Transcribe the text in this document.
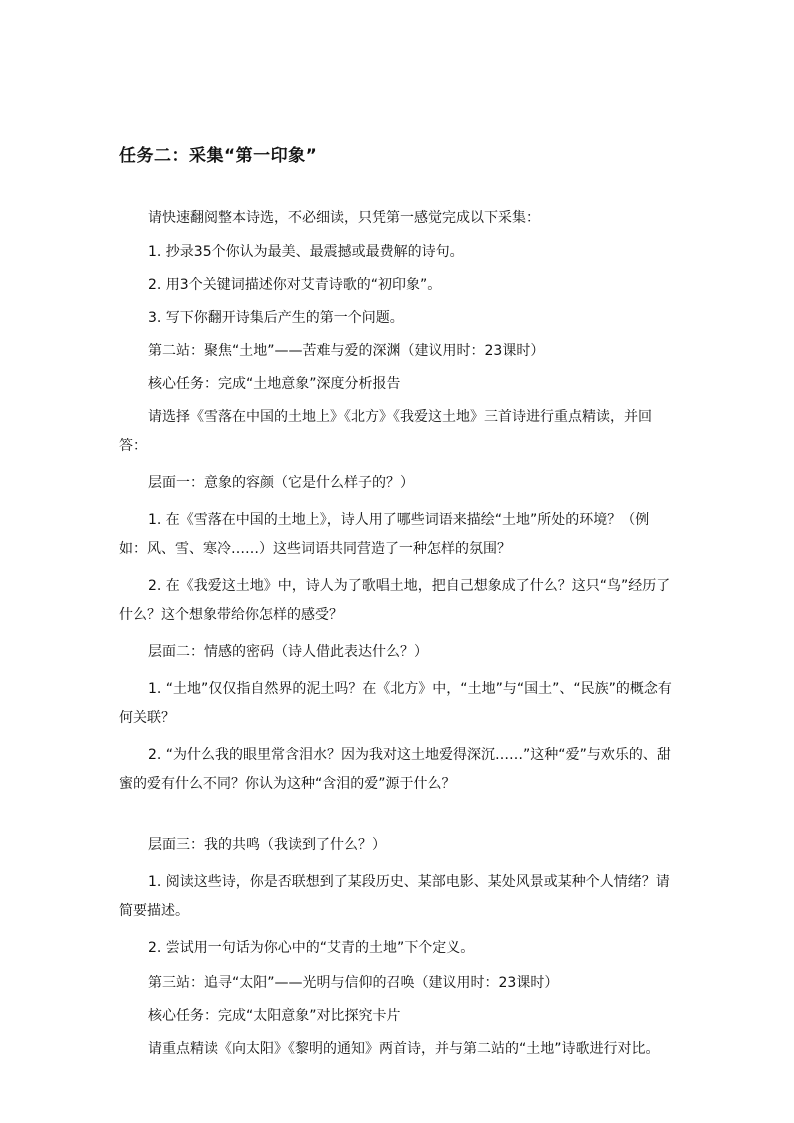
任务二：采集“第一印象”

请快速翻阅整本诗选，不必细读，只凭第一感觉完成以下采集：

1. 抄录35个你认为最美、最震撼或最费解的诗句。

2. 用3个关键词描述你对艾青诗歌的“初印象”。

3. 写下你翻开诗集后产生的第一个问题。

第二站：聚焦“土地”——苦难与爱的深渊（建议用时：23课时）

核心任务：完成“土地意象”深度分析报告

请选择《雪落在中国的土地上》《北方》《我爱这土地》三首诗进行重点精读，并回答：

层面一：意象的容颜（它是什么样子的？）

1. 在《雪落在中国的土地上》，诗人用了哪些词语来描绘“土地”所处的环境？（例如：风、雪、寒冷……）这些词语共同营造了一种怎样的氛围？

2. 在《我爱这土地》中，诗人为了歌唱土地，把自己想象成了什么？这只“鸟”经历了什么？这个想象带给你怎样的感受？

层面二：情感的密码（诗人借此表达什么？）

1. “土地”仅仅指自然界的泥土吗？在《北方》中，“土地”与“国土”、“民族”的概念有何关联？

2. “为什么我的眼里常含泪水？因为我对这土地爱得深沉……”这种“爱”与欢乐的、甜蜜的爱有什么不同？你认为这种“含泪的爱”源于什么？

层面三：我的共鸣（我读到了什么？）

1. 阅读这些诗，你是否联想到了某段历史、某部电影、某处风景或某种个人情绪？请简要描述。

2. 尝试用一句话为你心中的“艾青的土地”下个定义。

第三站：追寻“太阳”——光明与信仰的召唤（建议用时：23课时）

核心任务：完成“太阳意象”对比探究卡片

请重点精读《向太阳》《黎明的通知》两首诗，并与第二站的“土地”诗歌进行对比。
